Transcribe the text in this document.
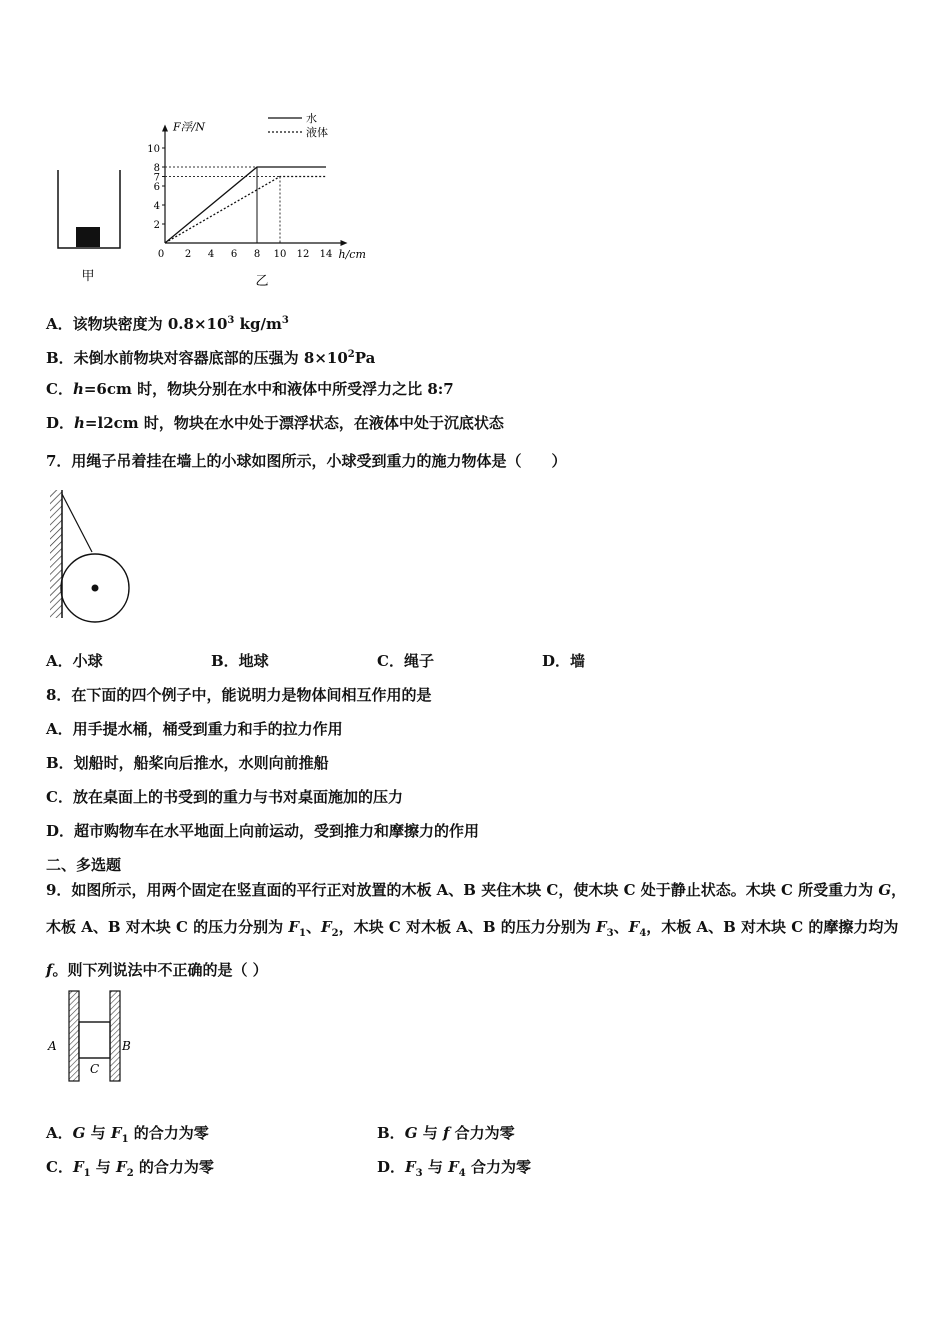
甲
F浮/N
h/cm
0 2 4 6 8 10 12 14
2
4
6
7
8
10
水
液体
乙
A．该物块密度为 $0.8\times 10^3$ $kg/m^3$
B．未倒水前物块对容器底部的压强为 $8\times 10^2Pa$
C．h=6cm 时，物块分别在水中和液体中所受浮力之比 8:7
D．h=l2cm 时，物块在水中处于漂浮状态，在液体中处于沉底状态
7．用绳子吊着挂在墙上的小球如图所示，小球受到重力的施力物体是（　　）
A．小球	B．地球	C．绳子	D．墙
8．在下面的四个例子中，能说明力是物体间相互作用的是
A．用手提水桶，桶受到重力和手的拉力作用
B．划船时，船桨向后推水，水则向前推船
C．放在桌面上的书受到的重力与书对桌面施加的压力
D．超市购物车在水平地面上向前运动，受到推力和摩擦力的作用
二、多选题
9．如图所示，用两个固定在竖直面的平行正对放置的木板 A、B 夹住木块 C，使木块 C 处于静止状态。木块 C 所受重力为 G，木板 A、B 对木块 C 的压力分别为 $F_1$、$F_2$，木块 C 对木板 A、B 的压力分别为 $F_3$、$F_4$，木板 A、B 对木块 C 的摩擦力均为 f。则下列说法中不正确的是（ ）
A	B
C
A．G 与 $F_1$ 的合力为零	B．G 与 f 合力为零
C．$F_1$ 与 $F_2$ 的合力为零	D．$F_3$ 与 $F_4$ 合力为零
